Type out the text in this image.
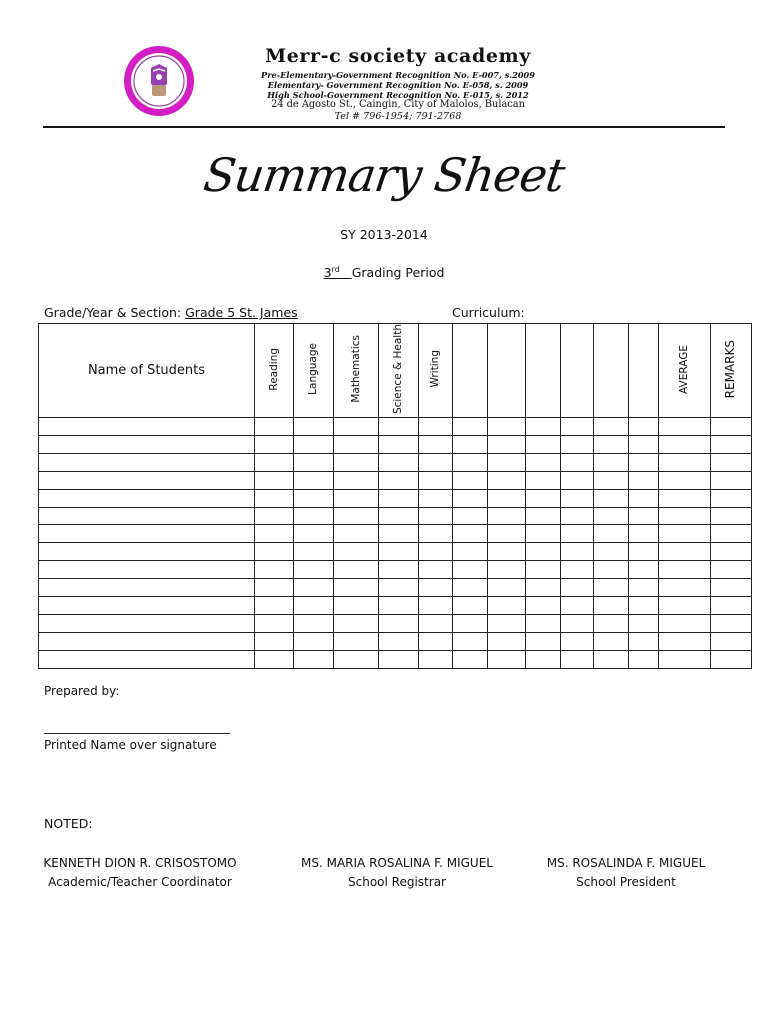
Merr-c society academy
Pre-Elementary-Government Recognition No. E-007, s.2009
Elementary- Government Recognition No. E-058, s. 2009
High School-Government Recognition No. E-015, s. 2012
24 de Agosto St., Caingin, City of Malolos, Bulacan
Tel # 796-1954; 791-2768
Summary Sheet
SY 2013-2014
3rd Grading Period
Grade/Year & Section: Grade 5 St. James	Curriculum:
Name of Students	Reading	Language	Mathematics	Science & Health	Writing							AVERAGE	REMARKS

Prepared by:
Printed Name over signature
NOTED:
KENNETH DION R. CRISOSTOMO
Academic/Teacher Coordinator
MS. MARIA ROSALINA F. MIGUEL
School Registrar
MS. ROSALINDA F. MIGUEL
School President
